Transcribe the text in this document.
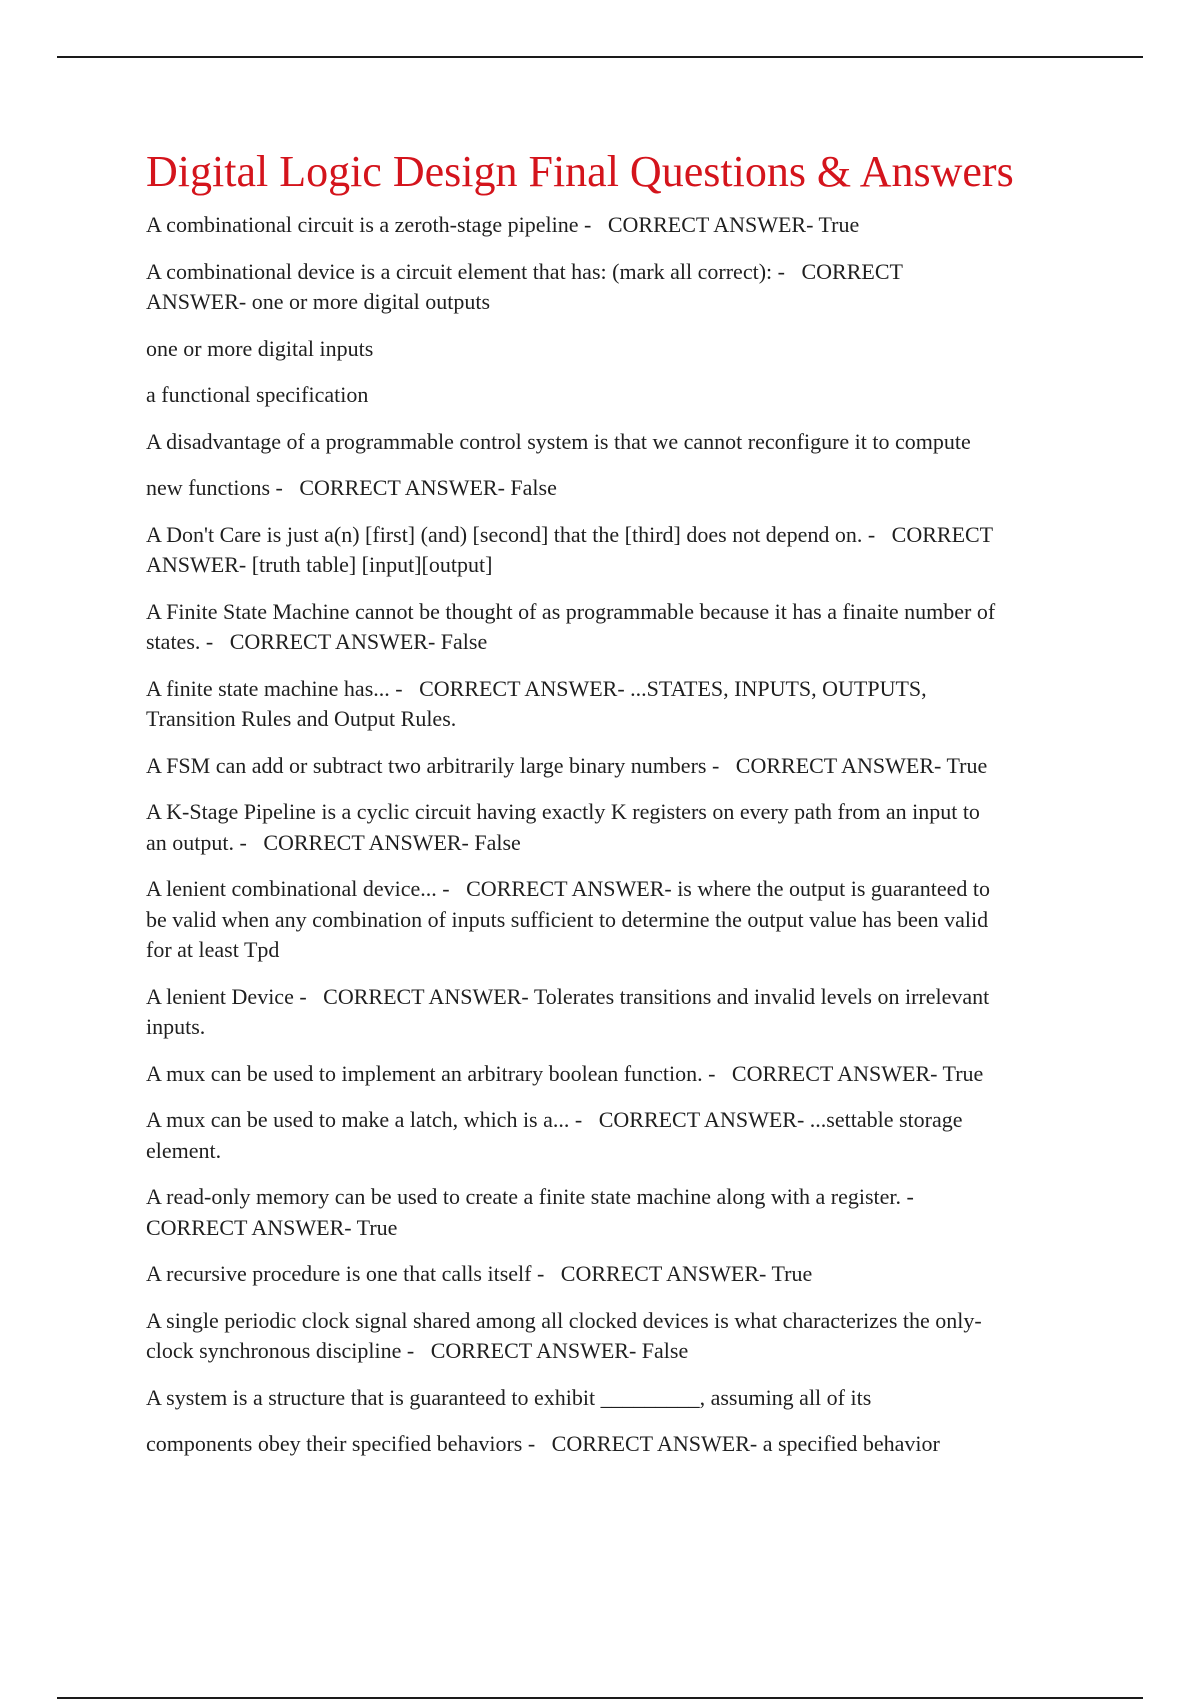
Digital Logic Design Final Questions & Answers

A combinational circuit is a zeroth-stage pipeline -   CORRECT ANSWER- True

A combinational device is a circuit element that has: (mark all correct): -   CORRECT
ANSWER- one or more digital outputs

one or more digital inputs

a functional specification

A disadvantage of a programmable control system is that we cannot reconfigure it to compute

new functions -   CORRECT ANSWER- False

A Don't Care is just a(n) [first] (and) [second] that the [third] does not depend on. -   CORRECT
ANSWER- [truth table] [input][output]

A Finite State Machine cannot be thought of as programmable because it has a finaite number of
states. -   CORRECT ANSWER- False

A finite state machine has... -   CORRECT ANSWER- ...STATES, INPUTS, OUTPUTS,
Transition Rules and Output Rules.

A FSM can add or subtract two arbitrarily large binary numbers -   CORRECT ANSWER- True

A K-Stage Pipeline is a cyclic circuit having exactly K registers on every path from an input to
an output. -   CORRECT ANSWER- False

A lenient combinational device... -   CORRECT ANSWER- is where the output is guaranteed to
be valid when any combination of inputs sufficient to determine the output value has been valid
for at least Tpd

A lenient Device -   CORRECT ANSWER- Tolerates transitions and invalid levels on irrelevant
inputs.

A mux can be used to implement an arbitrary boolean function. -   CORRECT ANSWER- True

A mux can be used to make a latch, which is a... -   CORRECT ANSWER- ...settable storage
element.

A read-only memory can be used to create a finite state machine along with a register. -
CORRECT ANSWER- True

A recursive procedure is one that calls itself -   CORRECT ANSWER- True

A single periodic clock signal shared among all clocked devices is what characterizes the only-
clock synchronous discipline -   CORRECT ANSWER- False

A system is a structure that is guaranteed to exhibit _________, assuming all of its

components obey their specified behaviors -   CORRECT ANSWER- a specified behavior
